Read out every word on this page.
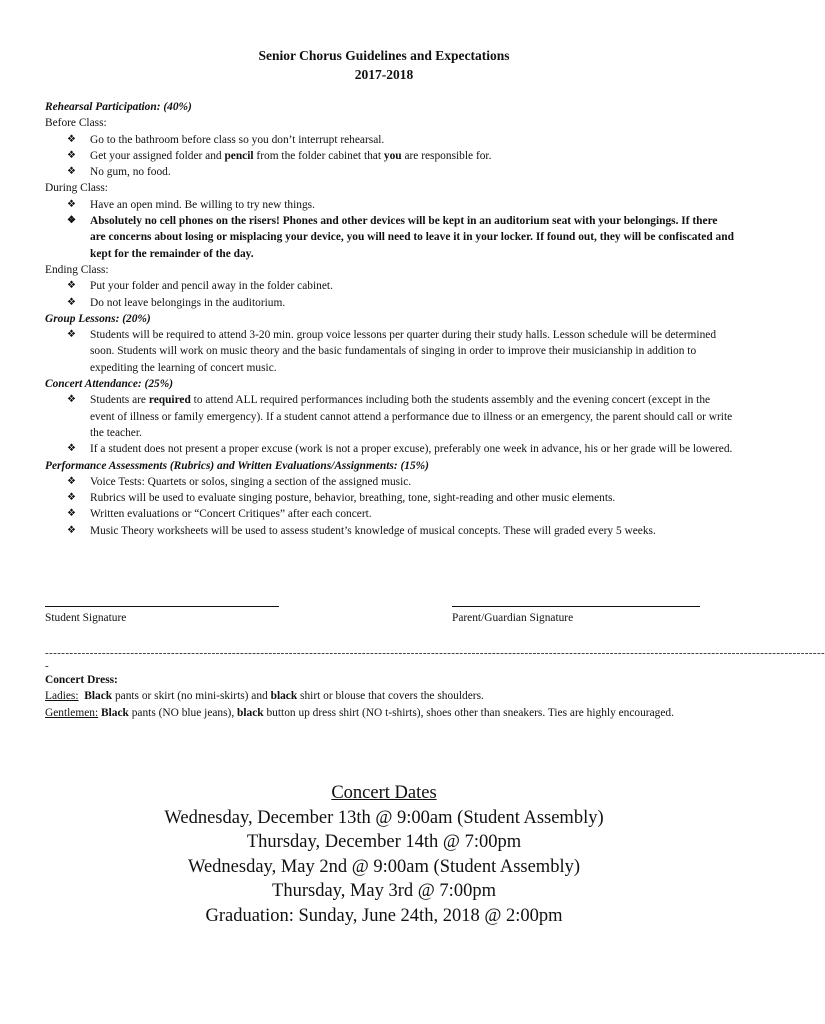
Senior Chorus Guidelines and Expectations
2017-2018
Rehearsal Participation: (40%)
Before Class:
❖ Go to the bathroom before class so you don’t interrupt rehearsal.
❖ Get your assigned folder and pencil from the folder cabinet that you are responsible for.
❖ No gum, no food.
During Class:
❖ Have an open mind. Be willing to try new things.
❖ Absolutely no cell phones on the risers! Phones and other devices will be kept in an auditorium seat with your belongings. If there are concerns about losing or misplacing your device, you will need to leave it in your locker. If found out, they will be confiscated and kept for the remainder of the day.
Ending Class:
❖ Put your folder and pencil away in the folder cabinet.
❖ Do not leave belongings in the auditorium.
Group Lessons: (20%)
❖ Students will be required to attend 3-20 min. group voice lessons per quarter during their study halls. Lesson schedule will be determined soon. Students will work on music theory and the basic fundamentals of singing in order to improve their musicianship in addition to expediting the learning of concert music.
Concert Attendance: (25%)
❖ Students are required to attend ALL required performances including both the students assembly and the evening concert (except in the event of illness or family emergency). If a student cannot attend a performance due to illness or an emergency, the parent should call or write the teacher.
❖ If a student does not present a proper excuse (work is not a proper excuse), preferably one week in advance, his or her grade will be lowered.
Performance Assessments (Rubrics) and Written Evaluations/Assignments: (15%)
❖ Voice Tests: Quartets or solos, singing a section of the assigned music.
❖ Rubrics will be used to evaluate singing posture, behavior, breathing, tone, sight-reading and other music elements.
❖ Written evaluations or “Concert Critiques” after each concert.
❖ Music Theory worksheets will be used to assess student’s knowledge of musical concepts. These will graded every 5 weeks.
Student Signature	Parent/Guardian Signature
------------------------------------------------------------------------------------------------------------------------------------------------------------------------------------------------
-
Concert Dress:
Ladies: Black pants or skirt (no mini-skirts) and black shirt or blouse that covers the shoulders.
Gentlemen: Black pants (NO blue jeans), black button up dress shirt (NO t-shirts), shoes other than sneakers. Ties are highly encouraged.
Concert Dates
Wednesday, December 13th @ 9:00am (Student Assembly)
Thursday, December 14th @ 7:00pm
Wednesday, May 2nd @ 9:00am (Student Assembly)
Thursday, May 3rd @ 7:00pm
Graduation: Sunday, June 24th, 2018 @ 2:00pm
